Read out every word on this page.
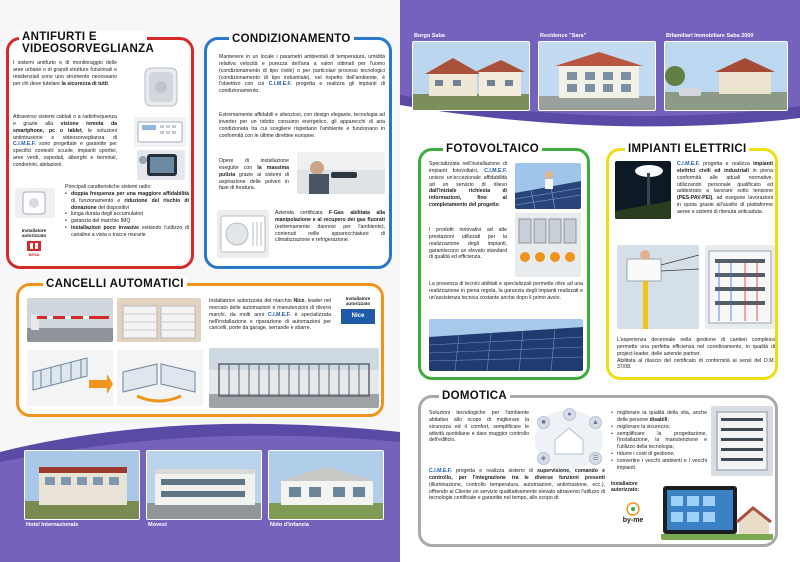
ANTIFURTI E VIDEOSORVEGLIANZA
I sistemi antifurto e di monitoraggio delle aree urbane o di grandi strutture funzionali e residenziali sono uno strumento necessario per chi deve tutelare la sicurezza di tutti.
Attraverso sistemi cablati o a radiofrequenza e grazie alla visione remota da smartphone, pc o tablet, le soluzioni antintrusione e videosorveglianza di C.I.M.E.F. sono progettate e garantite per specifici contesti: scuole, impianti sportivi, aree verdi, ospedali, alberghi e terminal, condomini, abitazioni.
Principali caratteristiche sistemi radio:
• doppia frequenza per una maggiore affidabilità di funzionamento e riduzione del rischio di donazione dei dispositivi
• lunga durata degli accumulatori
• garanzia del marchio IMQ
• installazioni poco invasive evitando l'utilizzo di canaline a vista o tracce murarie
Installatore
autorizzato
BESA
CONDIZIONAMENTO
Mantenere in un locale i parametri ambientali di temperatura, umidità relativa velocità e purezza dell'aria a valori ottimali per l'uomo (condizionamento di tipo civile) o per particolari processi tecnologici (condizionamento di tipo industriale), nel rispetto dell'ambiente, è l'obiettivo con cui C.I.M.E.F. progetta e realizza gli impianti di condizionamento.
Estremamente affidabili e silenziosi, con design elegante, tecnologia ad inverter per un ridotto consumo energetico, gli apparecchi di aria condizionata tra cui scegliere rispettano l'ambiente e funzionano in conformità con le ultime direttive europee.
Opere di installazione eseguite con la massima pulizia grazie ai sistemi di aspirazione delle polveri in fase di foratura.
Azienda certificata F-Gas abilitata alla manipolazione e al recupero dei gas fluorati (estremamente dannosi per l'ambiente), contenuti nelle apparecchiature di climatizzazione e refrigerazione.
CANCELLI AUTOMATICI
Installatrice autorizzata del marchio Nice, leader nel mercato delle automazioni e manutenzioni di diversi marchi, da molti anni C.I.M.E.F. è specializzata nell'installazione e riparazione di automazioni per cancelli, porte da garage, serrande e sbarre.
Installatore
autorizzato
Nice
Hotel Internazionale	Movest	Nido d'Infanzia
Borgo Saba	Residence "Sara"	Bifamiliari Immobiliare Saba 2000
FOTOVOLTAICO
Specializzata nell'installazione di impianti fotovoltaici, C.I.M.E.F. unisce un'eccezionale affidabilità ad un servizio di rilievo dall'iniziale richiesta di informazioni, fino al completamento del progetto.
I prodotti innovativi ad alte prestazioni utilizzati per la realizzazione degli impianti, garantiscono un elevato standard di qualità ed efficienza.
La presenza di tecnici abilitati e specializzati permette oltre ad una realizzazione in piena regola, la garanzia degli impianti realizzati e un'assistenza tecnica costante anche dopo il primo avvio.
IMPIANTI ELETTRICI
C.I.M.E.F. progetta e realizza impianti elettrici civili ed industriali in piena conformità alle attuali normative, utilizzando personale qualificato ed addestrato a lavorare sotto tensione (PES-PAV-PEI), ad eseguire lavorazioni in quota grazie all'ausilio di piattaforme aeree e sistemi di ritenuta anticaduta.
L'esperienza decennale nella gestione di cantieri complessi permette una perfetta efficienza nel coordinamento, in qualità di project-leader, delle aziende partner.
Abilitata al rilascio del certificato di conformità ai sensi del D.M. 37/08.
DOMOTICA
Soluzioni tecnologiche per l'ambiente abitativo allo scopo di migliorare la sicurezza ed il comfort, semplificare le attività quotidiane e dare maggior controllo dell'edificio.
■
●
▲
◈	☰
C.I.M.E.F. progetta e realizza sistemi di supervisione, comando e controllo, per l'integrazione tra le diverse funzioni presenti (illuminazione, controllo temperatura, automazioni, antintrusione, ecc.), offrendo al Cliente un servizio qualitativamente elevato attraverso l'utilizzo di tecnologie certificate e garantite nel tempo, allo scopo di:
• migliorare la qualità della vita, anche delle persone disabili;
• migliorare la sicurezza;
• semplificare la progettazione, l'installazione, la manutenzione e l'utilizzo della tecnologia;
• ridurre i costi di gestione;
• convertire i vecchi ambienti e i vecchi impianti.
Installatore
autorizzato:
by-me
